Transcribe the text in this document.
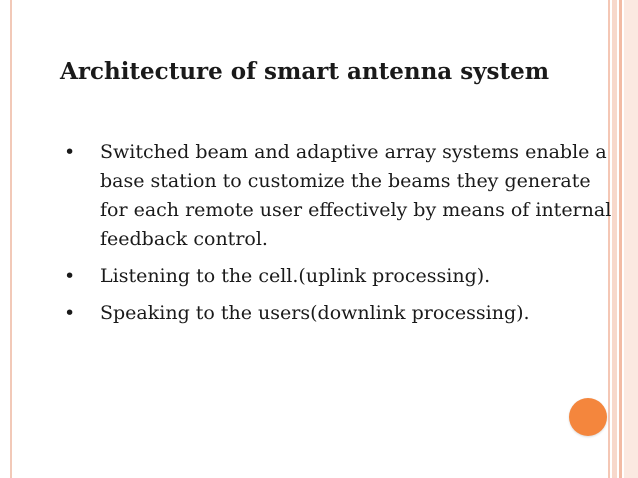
Architecture of smart antenna system
• Switched beam and adaptive array systems enable a base station to customize the beams they generate for each remote user effectively by means of internal feedback control.
• Listening to the cell.(uplink processing).
• Speaking to the users(downlink processing).
